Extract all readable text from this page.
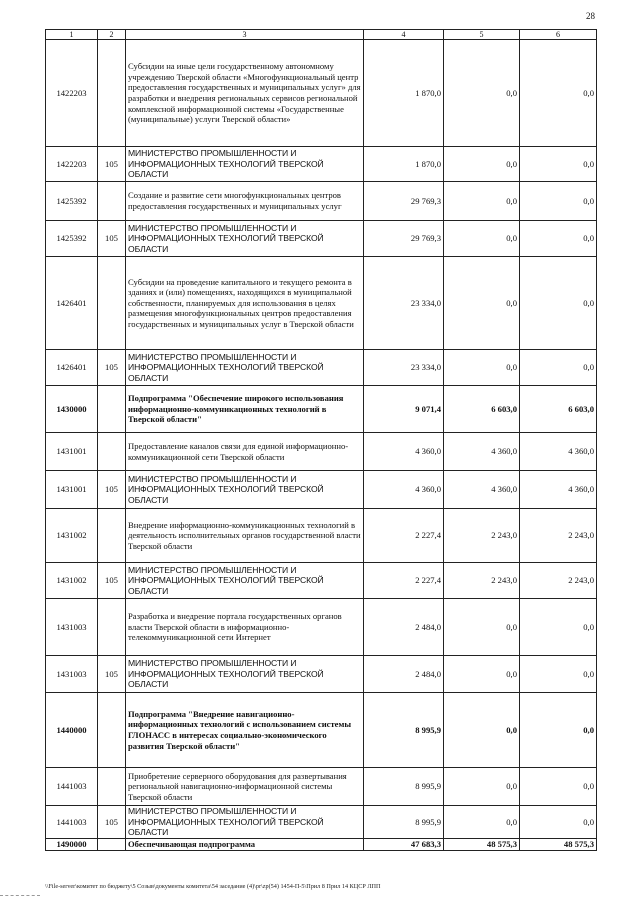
28
1	2	3	4	5	6
1422203		Субсидии на иные цели государственному автономному учреждению Тверской области «Многофункциональный центр предоставления государственных и муниципальных услуг» для разработки и внедрения региональных сервисов региональной комплексной информационной системы «Государственные (муниципальные) услуги Тверской области»	1 870,0	0,0	0,0
1422203	105	МИНИСТЕРСТВО ПРОМЫШЛЕННОСТИ И ИНФОРМАЦИОННЫХ ТЕХНОЛОГИЙ ТВЕРСКОЙ ОБЛАСТИ	1 870,0	0,0	0,0
1425392		Создание и развитие сети многофункциональных центров предоставления государственных и муниципальных услуг	29 769,3	0,0	0,0
1425392	105	МИНИСТЕРСТВО ПРОМЫШЛЕННОСТИ И ИНФОРМАЦИОННЫХ ТЕХНОЛОГИЙ ТВЕРСКОЙ ОБЛАСТИ	29 769,3	0,0	0,0
1426401		Субсидии на проведение капитального и текущего ремонта в зданиях и (или) помещениях, находящихся в муниципальной собственности, планируемых для использования в целях размещения многофункциональных центров предоставления государственных и муниципальных услуг в Тверской области	23 334,0	0,0	0,0
1426401	105	МИНИСТЕРСТВО ПРОМЫШЛЕННОСТИ И ИНФОРМАЦИОННЫХ ТЕХНОЛОГИЙ ТВЕРСКОЙ ОБЛАСТИ	23 334,0	0,0	0,0
1430000		Подпрограмма "Обеспечение широкого использования информационно-коммуникационных технологий в Тверской области"	9 071,4	6 603,0	6 603,0
1431001		Предоставление каналов связи для единой информационно-коммуникационной сети Тверской области	4 360,0	4 360,0	4 360,0
1431001	105	МИНИСТЕРСТВО ПРОМЫШЛЕННОСТИ И ИНФОРМАЦИОННЫХ ТЕХНОЛОГИЙ ТВЕРСКОЙ ОБЛАСТИ	4 360,0	4 360,0	4 360,0
1431002		Внедрение информационно-коммуникационных технологий в деятельность исполнительных органов государственной власти Тверской области	2 227,4	2 243,0	2 243,0
1431002	105	МИНИСТЕРСТВО ПРОМЫШЛЕННОСТИ И ИНФОРМАЦИОННЫХ ТЕХНОЛОГИЙ ТВЕРСКОЙ ОБЛАСТИ	2 227,4	2 243,0	2 243,0
1431003		Разработка и внедрение портала государственных органов власти Тверской области в информационно-телекоммуникационной сети Интернет	2 484,0	0,0	0,0
1431003	105	МИНИСТЕРСТВО ПРОМЫШЛЕННОСТИ И ИНФОРМАЦИОННЫХ ТЕХНОЛОГИЙ ТВЕРСКОЙ ОБЛАСТИ	2 484,0	0,0	0,0
1440000		Подпрограмма "Внедрение навигационно-информационных технологий с использованием системы ГЛОНАСС в интересах социально-экономического развития Тверской области"	8 995,9	0,0	0,0
1441003		Приобретение серверного оборудования для развертывания региональной навигационно-информационной системы Тверской области	8 995,9	0,0	0,0
1441003	105	МИНИСТЕРСТВО ПРОМЫШЛЕННОСТИ И ИНФОРМАЦИОННЫХ ТЕХНОЛОГИЙ ТВЕРСКОЙ ОБЛАСТИ	8 995,9	0,0	0,0
1490000		Обеспечивающая подпрограмма	47 683,3	48 575,3	48 575,3
\\File-server\комитет по бюджету\5 Созыв\документы комитета\54 заседание (4)\pr\zp(54) 1454-П-5\Прил 8 Прил 14 КЦСР ЛПП
